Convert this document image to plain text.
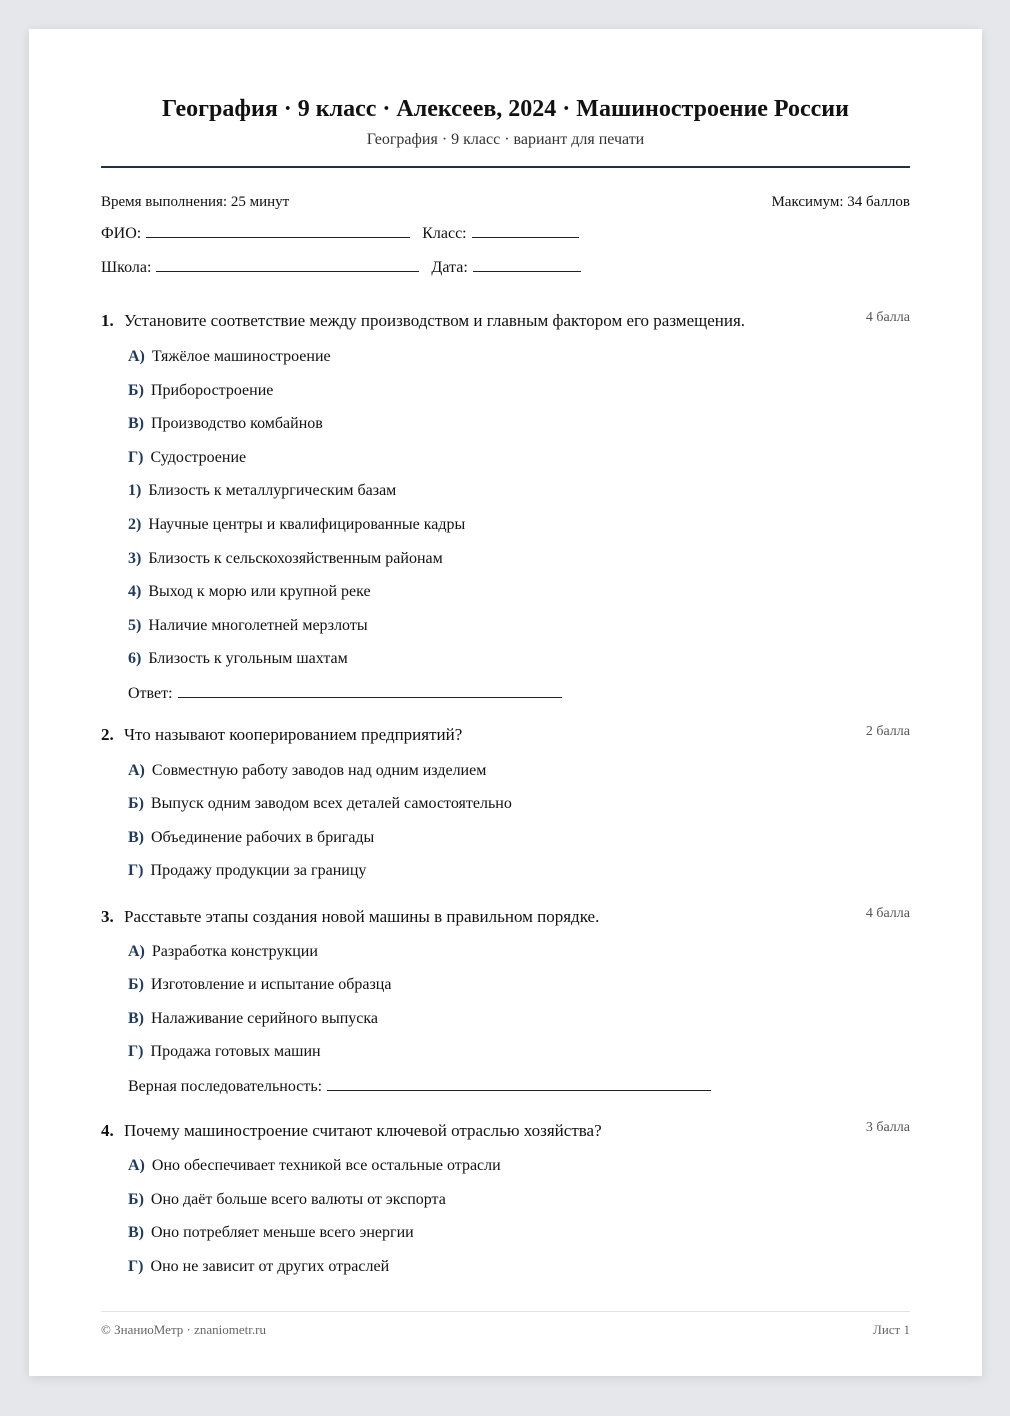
География · 9 класс · Алексеев, 2024 · Машиностроение России
География · 9 класс · вариант для печати
Время выполнения: 25 минут	Максимум: 34 баллов
ФИО:	Класс:
Школа:	Дата:
1. Установите соответствие между производством и главным фактором его размещения.	4 балла
А) Тяжёлое машиностроение
Б) Приборостроение
В) Производство комбайнов
Г) Судостроение
1) Близость к металлургическим базам
2) Научные центры и квалифицированные кадры
3) Близость к сельскохозяйственным районам
4) Выход к морю или крупной реке
5) Наличие многолетней мерзлоты
6) Близость к угольным шахтам
Ответ:
2. Что называют кооперированием предприятий?	2 балла
А) Совместную работу заводов над одним изделием
Б) Выпуск одним заводом всех деталей самостоятельно
В) Объединение рабочих в бригады
Г) Продажу продукции за границу
3. Расставьте этапы создания новой машины в правильном порядке.	4 балла
А) Разработка конструкции
Б) Изготовление и испытание образца
В) Налаживание серийного выпуска
Г) Продажа готовых машин
Верная последовательность:
4. Почему машиностроение считают ключевой отраслью хозяйства?	3 балла
А) Оно обеспечивает техникой все остальные отрасли
Б) Оно даёт больше всего валюты от экспорта
В) Оно потребляет меньше всего энергии
Г) Оно не зависит от других отраслей
© ЗнаниоМетр · znaniometr.ru	Лист 1
